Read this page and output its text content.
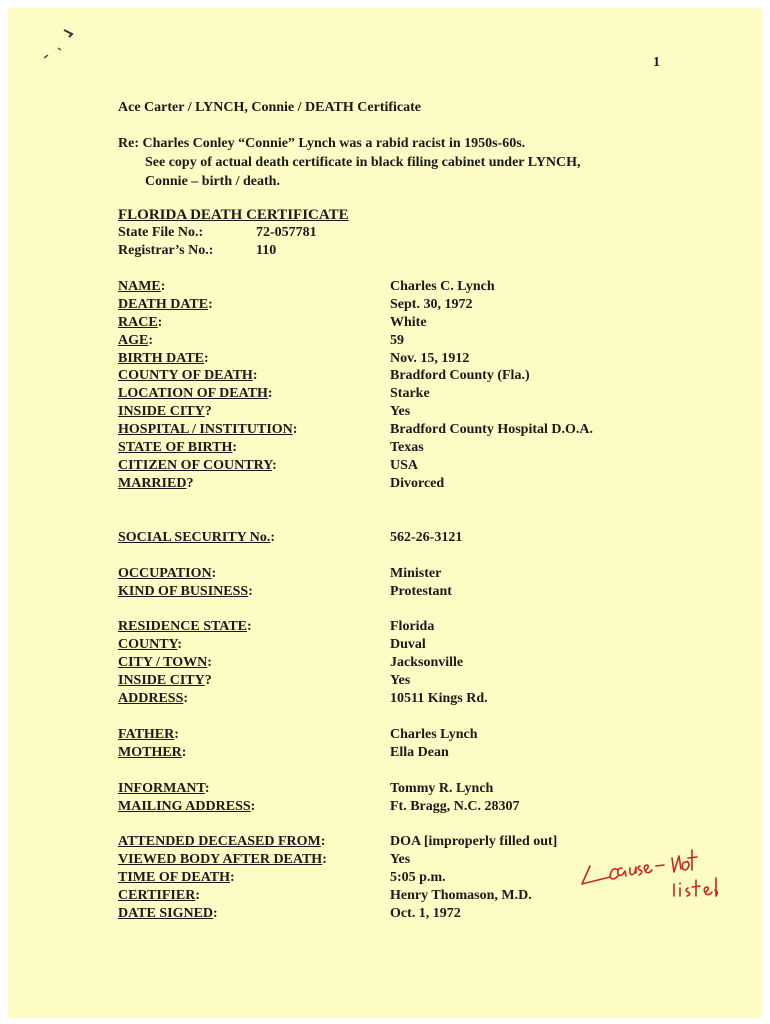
1
Ace Carter / LYNCH, Connie / DEATH Certificate
Re: Charles Conley “Connie” Lynch was a rabid racist in 1950s-60s.
See copy of actual death certificate in black filing cabinet under LYNCH,
Connie – birth / death.
FLORIDA DEATH CERTIFICATE
State File No.:	72-057781
Registrar’s No.:	110
NAME:	Charles C. Lynch
DEATH DATE:	Sept. 30, 1972
RACE:	White
AGE:	59
BIRTH DATE:	Nov. 15, 1912
COUNTY OF DEATH:	Bradford County (Fla.)
LOCATION OF DEATH:	Starke
INSIDE CITY?	Yes
HOSPITAL / INSTITUTION:	Bradford County Hospital D.O.A.
STATE OF BIRTH:	Texas
CITIZEN OF COUNTRY:	USA
MARRIED?	Divorced
SOCIAL SECURITY No.:	562-26-3121
OCCUPATION:	Minister
KIND OF BUSINESS:	Protestant
RESIDENCE STATE:	Florida
COUNTY:	Duval
CITY / TOWN:	Jacksonville
INSIDE CITY?	Yes
ADDRESS:	10511 Kings Rd.
FATHER:	Charles Lynch
MOTHER:	Ella Dean
INFORMANT:	Tommy R. Lynch
MAILING ADDRESS:	Ft. Bragg, N.C. 28307
ATTENDED DECEASED FROM:	DOA [improperly filled out]
VIEWED BODY AFTER DEATH:	Yes
TIME OF DEATH:	5:05 p.m.
CERTIFIER:	Henry Thomason, M.D.
DATE SIGNED:	Oct. 1, 1972
